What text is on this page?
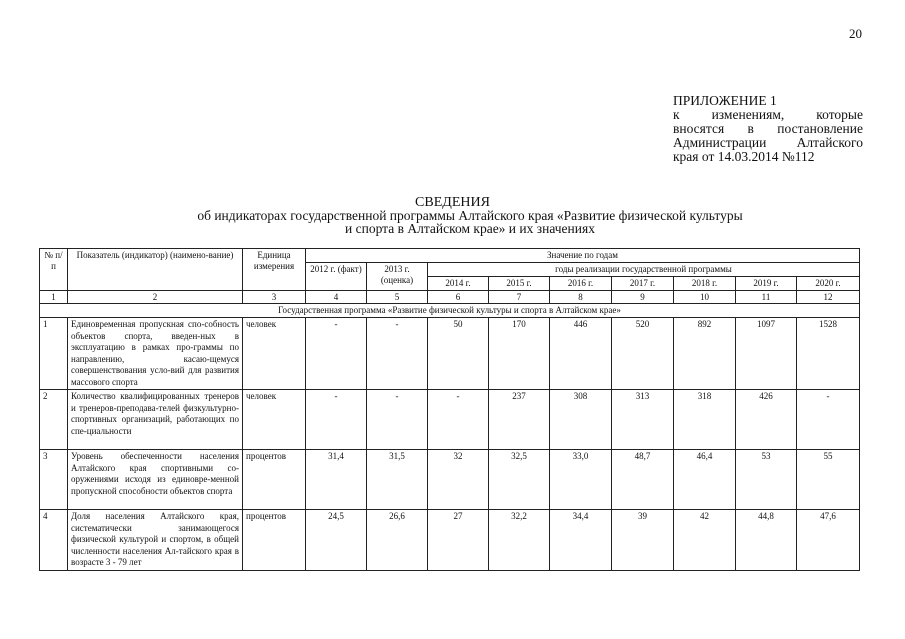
20
ПРИЛОЖЕНИЕ 1
к изменениям, которые
вносятся в постановление
Администрации Алтайского
края от 14.03.2014 №112
СВЕДЕНИЯ
об индикаторах государственной программы Алтайского края «Развитие физической культуры
и спорта в Алтайском крае» и их значениях
№ п/п	Показатель (индикатор) (наимено-вание)	Единица измерения	Значение по годам								
			2012 г. (факт)	2013 г. (оценка)	годы реализации государственной программы						
					2014 г.	2015 г.	2016 г.	2017 г.	2018 г.	2019 г.	2020 г.
1	2	3	4	5	6	7	8	9	10	11	12
Государственная программа «Развитие физической культуры и спорта в Алтайском крае»											
1	Единовременная пропускная спо-собность объектов спорта, введен-ных в эксплуатацию в рамках про-граммы по направлению, касаю-щемуся совершенствования усло-вий для развития массового спорта	человек	-	-	50	170	446	520	892	1097	1528
2	Количество квалифицированных тренеров и тренеров-преподава-телей физкультурно-спортивных организаций, работающих по спе-циальности	человек	-	-	-	237	308	313	318	426	-
3	Уровень обеспеченности населения Алтайского края спортивными со-оружениями исходя из единовре-менной пропускной способности объектов спорта	процентов	31,4	31,5	32	32,5	33,0	48,7	46,4	53	55
4	Доля населения Алтайского края, систематически занимающегося физической культурой и спортом, в общей численности населения Ал-тайского края в возрасте 3 - 79 лет	процентов	24,5	26,6	27	32,2	34,4	39	42	44,8	47,6
